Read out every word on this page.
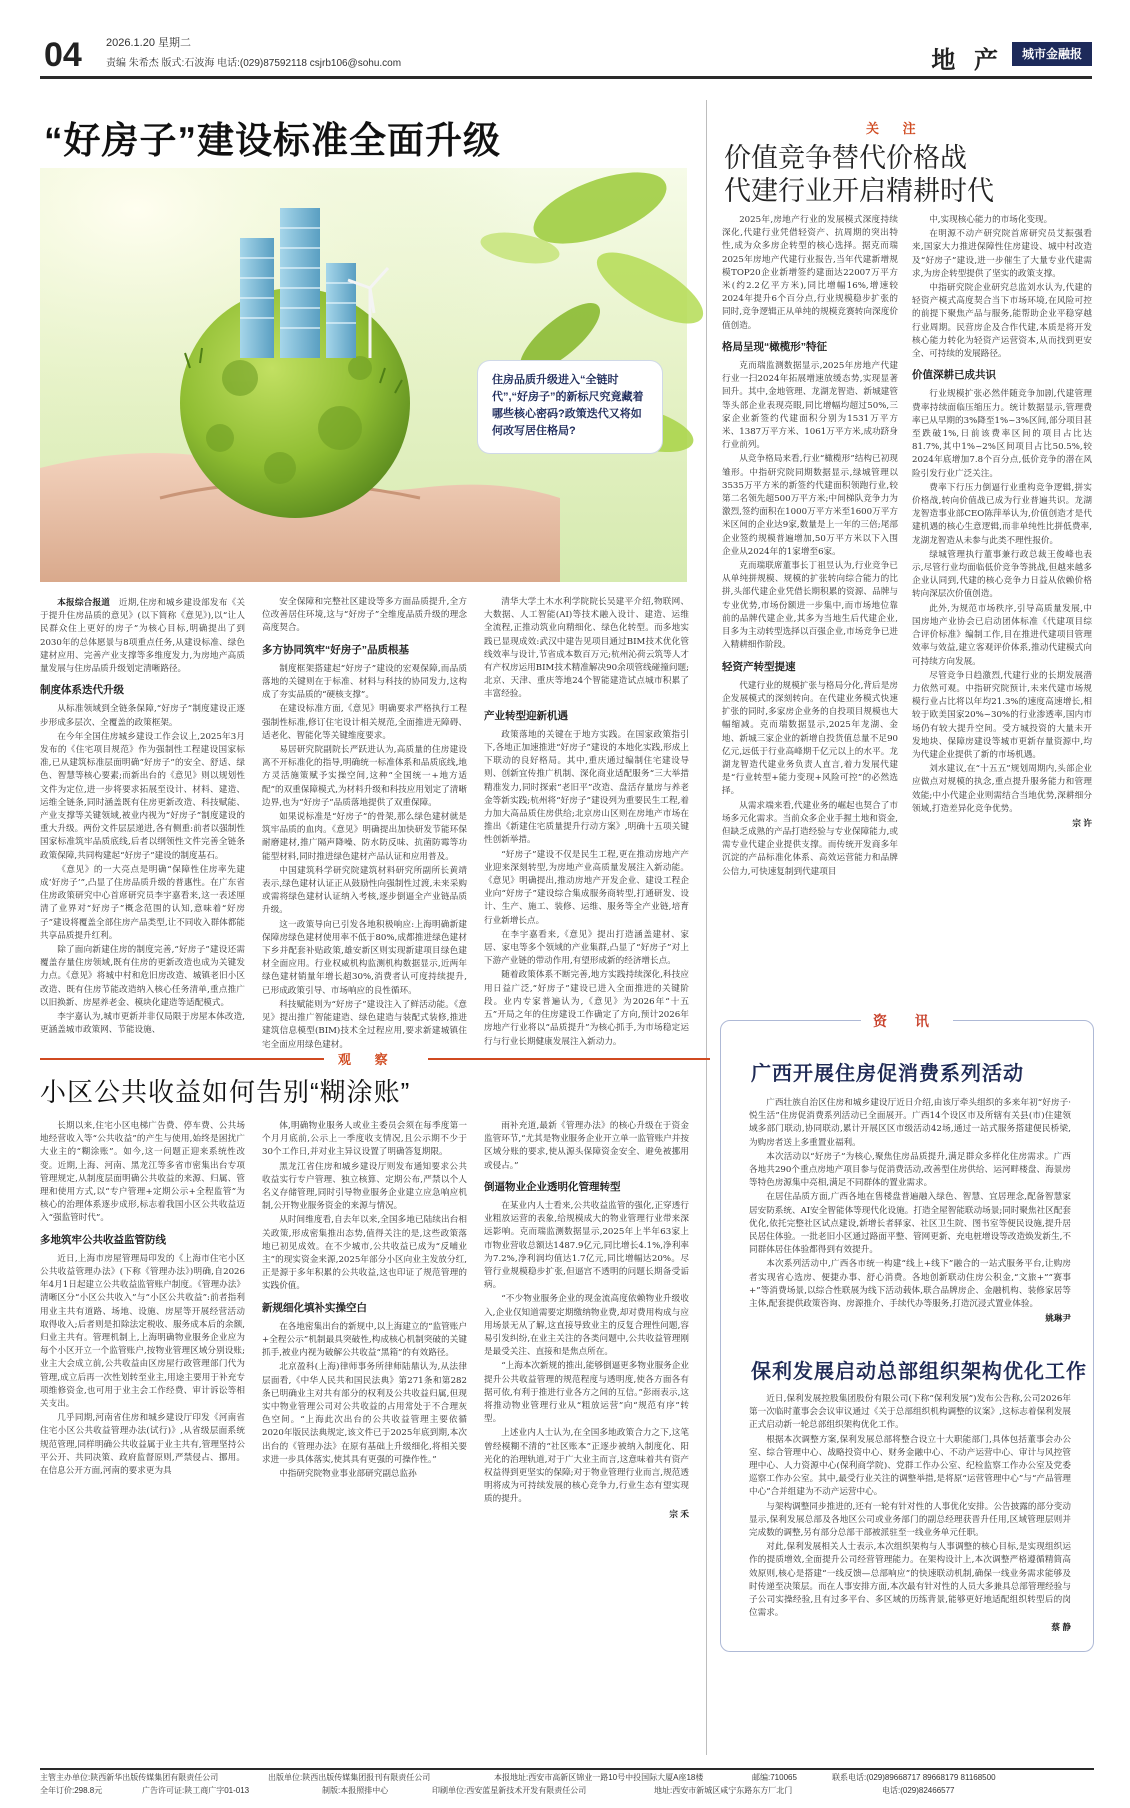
04 2026.1.20 星期二
责编 朱希杰 版式:石波海 电话:(029)87592118 csjrb106@sohu.com	地 产	城市金融报
“好房子”建设标准全面升级
住房品质升级进入“全链时代”,“好房子”的新标尺究竟藏着哪些核心密码?政策迭代又将如何改写居住格局?

本报综合报道　近期,住房和城乡建设部发布《关于提升住房品质的意见》(以下简称《意见》),以“让人民群众住上更好的房子”为核心目标,明确提出了到2030年的总体愿景与8项重点任务,从建设标准、绿色建材应用、完善产业支撑等多维度发力,为房地产高质量发展与住房品质升级划定清晰路径。

制度体系迭代升级

从标准领域到全链条保障,“好房子”制度建设正逐步形成多层次、全覆盖的政策框架。

在今年全国住房城乡建设工作会议上,2025年3月发布的《住宅项目规范》作为强制性工程建设国家标准,已从建筑标准层面明确“好房子”的安全、舒适、绿色、智慧等核心要素;而新出台的《意见》则以规划性文件为定位,进一步将要求拓展至设计、材料、建造、运维全链条,同时涵盖既有住房更新改造、科技赋能、产业支撑等关键领域,被业内视为“好房子”制度建设的重大升级。两份文件层层递进,各有侧重:前者以强制性国家标准筑牢品质底线,后者以纲领性文件完善全链条政策保障,共同构建起“好房子”建设的制度基石。

《意见》的一大亮点是明确“保障性住房率先建成‘好房子’”,凸显了住房品质升级的普惠性。在广东省住房政策研究中心首席研究员李宇嘉看来,这一表述厘清了业界对“好房子”概念范围的认知,意味着“好房子”建设将覆盖全部住房产品类型,让不同收入群体都能共享品质提升红利。

除了面向新建住房的制度完善,“好房子”建设还需覆盖存量住房领域,既有住房的更新改造也成为关键发力点。《意见》将城中村和危旧房改造、城镇老旧小区改造、既有住房节能改造纳入核心任务清单,重点推广以旧换新、房屋养老金、模块化建造等适配模式。

李宇嘉认为,城市更新并非仅局限于房屋本体改造,更涵盖城市政策网、节能设施、

安全保障和完整社区建设等多方面品质提升,全方位改善居住环境,这与“好房子”全维度品质升级的理念高度契合。

多方协同筑牢“好房子”品质根基

制度框架搭建起“好房子”建设的宏观保障,而品质落地的关键则在于标准、材料与科技的协同发力,这构成了夯实品质的“硬核支撑”。

在建设标准方面,《意见》明确要求严格执行工程强制性标准,修订住宅设计相关规范,全面推进无障碍、适老化、智能化等关键维度要求。

易居研究院副院长严跃进认为,高质量的住房建设离不开标准化的指导,明确统一标准体系和品质底线,地方灵活施策赋予实操空间,这种“全国统一+地方适配”的双重保障模式,为材料升级和科技应用划定了清晰边界,也为“好房子”品质落地提供了双重保障。

如果说标准是“好房子”的骨架,那么绿色建材就是筑牢品质的血肉。《意见》明确提出加快研发节能环保耐磨建材,推广隔声降噪、防水防反味、抗菌防霉等功能型材料,同时推进绿色建材产品认证和应用普及。

中国建筑科学研究院建筑材料研究所副所长黄靖表示,绿色建材认证正从鼓励性向强制性过渡,未来采购或需将绿色建材认证纳入考核,逐步倒逼全产业链品质升级。

这一政策导向已引发各地积极响应:上海明确新建保障房绿色建材使用率不低于80%,成都推进绿色建材下乡并配套补贴政策,雄安新区则实现新建项目绿色建材全面应用。行业权威机构监测机构数据显示,近两年绿色建材销量年增长超30%,消费者认可度持续提升,已形成政策引导、市场响应的良性循环。

科技赋能则为“好房子”建设注入了鲜活动能。《意见》提出推广智能建造、绿色建造与装配式装修,推进建筑信息模型(BIM)技术全过程应用,要求新建城镇住宅全面应用绿色建材。

清华大学土木水利学院院长吴建平介绍,物联网、大数据、人工智能(AI)等技术融入设计、建造、运维全流程,正推动筑业向精细化、绿色化转型。而多地实践已显现成效:武汉中建告见项目通过BIM技术优化管线效率与设计,节省成本数百万元;杭州沁荷云筑等人才有产权房运用BIM技术精准解决90余项管线碰撞问题;北京、天津、重庆等地24个智能建造试点城市积累了丰富经验。

产业转型迎新机遇

政策落地的关键在于地方实践。在国家政策指引下,各地正加速推进“好房子”建设的本地化实践,形成上下联动的良好格局。其中,重庆通过编制住宅建设导则、创新宜传推广机制、深化商业适配服务“三大举措精准发力,同时探索“老旧平”改造、盘活存量房与养老金等新实践;杭州将“好房子”建设列为重要民生工程,着力加大高品质住房供给;北京房山区则在房地产市场在推出《新建住宅质量提升行动方案》,明确十五项关键性创新举措。

“好房子”建设不仅是民生工程,更在推动房地产产业迎来深刻转型,为房地产业高质量发展注入新动能。《意见》明确提出,推动房地产开发企业、建设工程企业向“好房子”建设综合集成服务商转型,打通研发、设计、生产、施工、装修、运维、服务等全产业链,培育行业新增长点。

在李宇嘉看来,《意见》提出打造涵盖建材、家居、家电等多个领域的产业集群,凸显了“好房子”对上下游产业链的带动作用,有望形成新的经济增长点。

随着政策体系不断完善,地方实践持续深化,科技应用日益广泛,“好房子”建设已进入全面推进的关键阶段。业内专家普遍认为,《意见》为2026年“十五五”开局之年的住房建设工作确定了方向,预计2026年房地产行业将以“品质提升”为核心抓手,为市场稳定运行与行业长期健康发展注入新动力。

关 注
价值竞争替代价格战
代建行业开启精耕时代

2025年,房地产行业的发展模式深度持续深化,代建行业凭借轻资产、抗周期的突出特性,成为众多房企转型的核心选择。据克而瑞2025年房地产代建行业报告,当年代建新增规模TOP20企业新增签约建面达22007万平方米(约2.2亿平方米),同比增幅16%,增速较2024年提升6个百分点,行业规模稳步扩张的同时,竞争逻辑正从单纯的规模竞赛转向深度价值创造。

格局呈现“橄榄形”特征

克而瑞监测数据显示,2025年房地产代建行业一扫2024年拓展增速放缓态势,实现显著回升。其中,金地管理、龙湖龙智造、新城建管等头部企业表现亮眼,同比增幅均超过50%,三家企业新签约代建面积分别为1531万平方米、1387万平方米、1061万平方米,成功跻身行业前列。

从竞争格局来看,行业“橄榄形”结构已初现雏形。中指研究院同期数据显示,绿城管理以3535万平方米的新签约代建面积领跑行业,较第二名领先超500万平方米;中间梯队竞争力为激烈,签约面积在1000万平方米至1600万平方米区间的企业达9家,数量是上一年的三倍;尾部企业签约规模普遍增加,50万平方米以下入围企业从2024年的1家增至6家。

克而瑞联席董事长丁祖昱认为,行业竞争已从单纯拼规模、规模的扩张转向综合能力的比拼,头部代建企业凭借长期积累的资源、品牌与专业优势,市场份额进一步集中,而市场地位靠前的品牌代建企业,其多为当地生后代建企业,目多为主动转型选择以百强企业,市场竞争已进入精耕细作阶段。

轻资产转型提速

代建行业的规模扩张与格局分化,背后是房企发展模式的深刻转向。在代建业务模式快速扩张的同时,多家房企业务的自投项目规模也大幅缩减。克而瑞数据显示,2025年龙湖、金地、新城三家企业的新增自投货值总量不足90亿元,远低于行业高峰期千亿元以上的水平。龙湖龙智造代建业务负责人直言,着力发展代建是“行业转型+能力变现+风险可控”的必然选择。

从需求端来看,代建业务的崛起也契合了市场多元化需求。当前众多企业手握土地和资金,但缺乏成熟的产品打造经验与专业保障能力,或需专业代建企业提供支撑。而传统开发商多年沉淀的产品标准化体系、高效运营能力和品牌公信力,可快速复制到代建项目

中,实现核心能力的市场化变现。

在明源不动产研究院首席研究员艾振强看来,国家大力推进保障性住房建设、城中村改造及“好房子”建设,进一步催生了大量专业代建需求,为房企转型提供了坚实的政策支撑。

中指研究院企业研究总监刘水认为,代建的轻资产模式高度契合当下市场环境,在风险可控的前提下聚焦产品与服务,能帮助企业平稳穿越行业周期。民营房企及合作代建,本质是将开发核心能力转化为轻资产运营资本,从而找到更安全、可持续的发展路径。

价值深耕已成共识

行业规模扩张必然伴随竞争加剧,代建管理费率持续面临压缩压力。统计数据显示,管理费率已从早期的3%降至1%~3%区间,部分项目甚至跌破1%,日前该费率区间的项目占比达81.7%,其中1%~2%区间项目占比50.5%,较2024年底增加7.8个百分点,低价竞争的潜在风险引发行业广泛关注。

费率下行压力倒逼行业重构竞争逻辑,拼实价格战,转向价值战已成为行业普遍共识。龙湖龙智造事业部CEO陈萍举认为,价值创造才是代建机遇的核心生意逻辑,而非单纯性比拼低费率,龙湖龙智造从未参与此类不理性报价。

绿城管理执行董事兼行政总裁王俊峰也表示,尽管行业均面临低价竞争等挑战,但越来越多企业认同到,代建的核心竞争力日益从依赖价格转向深层次价值创造。

此外,为规范市场秩序,引导高质量发展,中国房地产业协会已启动团体标准《代建项目综合评价标准》编制工作,目在推进代建项目管理效率与效益,建立客观评价体系,推动代建模式向可持续方向发展。

尽管竞争日趋激烈,代建行业的长期发展潜力依然可观。中指研究院预计,未来代建市场规模行业占比将以年均21.3%的速度高速增长,相较于欧美国家20%~30%的行业渗透率,国内市场仍有较大提升空间。受方城投资的大量未开发地块、保障房建设等城市更新存量资源中,均为代建企业提供了新的市场机遇。

刘水建议,在“十五五”规划周期内,头部企业应做点对规模的执念,重点提升服务能力和管理效能;中小代建企业则需结合当地优势,深耕细分领域,打造差异化竞争优势。

宗 许

资 讯
广西开展住房促消费系列活动

广西壮族自治区住房和城乡建设厅近日介绍,由该厅牵头组织的多来年初“好房子·悦生活”住房促消费系列活动已全面展开。广西14个设区市及所辖有关县(市)住建领域多部门联动,协同联动,累计开展区区市级活动42场,通过一站式服务搭建便民桥梁,为购房者送上多重置业福利。

本次活动以“好房子”为核心,聚焦住房品质提升,满足群众多样化住房需求。广西各地共290个重点房地产项目参与促消费活动,改善型住房供给、运河畔楼盘、海景房等特色房源集中亮相,满足不同群体的置业需求。

在居住品质方面,广西各地在售楼盘普遍融入绿色、智慧、宜居理念,配备智慧家居安防系统、AI安全智能体等现代化设施。打造全屋智能联动场景;同时聚焦社区配套优化,依托完整社区试点建设,新增长者驿家、社区卫生院、图书室等便民设施,提升居民居住体验。一批老旧小区通过路面平整、管网更新、充电桩增设等改造焕发新生,不同群体居住体验都得到有效提升。

本次系列活动中,广西各市统一构建“线上+线下”融合的一站式服务平台,让购房者实现省心选房、便捷办事、舒心消费。各地创新联动住房公积金,“文旅+”“赛事+”等消费场景,以综合性联展为线下活动载体,联合品牌房企、金融机构、装修家居等主体,配套提供政策咨询、房源推介、手续代办等服务,打造沉浸式置业体验。

姚琳尹

保利发展启动总部组织架构优化工作

近日,保利发展控股集团股份有限公司(下称“保利发展”)发布公告称,公司2026年第一次临时董事会会议审议通过《关于总部组织机构调整的议案》,这标志着保利发展正式启动新一轮总部组织架构优化工作。

根据本次调整方案,保利发展总部将整合设立十大职能部门,具体包括董事会办公室、综合管理中心、战略投资中心、财务金融中心、不动产运营中心、审计与风控管理中心、人力资源中心(保利商学院)、党群工作办公室、纪检监察工作办公室及党委巡察工作办公室。其中,最受行业关注的调整举措,是将原“运营管理中心”与“产品管理中心”合并组建为不动产运营中心。

与架构调整同步推进的,还有一轮有针对性的人事优化安排。公告披露的部分变动显示,保利发展总部及各地区公司或业务部门的副总经理获晋升任用,区域管理层则并完成数的调整,另有部分总部干部被派驻至一线业务单元任职。

对此,保利发展相关人士表示,本次组织架构与人事调整的核心目标,是实现组织运作的提质增效,全面提升公司经营管理能力。在架构设计上,本次调整严格遵循精简高效原则,核心是搭建“一线反馈—总部响应”的快速联动机制,确保一线业务需求能够及时传递至决策层。而在人事安排方面,本次最有针对性的人员大多兼具总部管理经验与子公司实操经验,且有过多平台、多区域的历练背景,能够更好地适配组织转型后的岗位需求。

蔡 静

观 察
小区公共收益如何告别“糊涂账”

长期以来,住宅小区电梯广告费、停车费、公共场地经营收入等“公共收益”的产生与使用,始终是困扰广大业主的“糊涂账”。如今,这一问题正迎来系统性改变。近期,上海、河南、黑龙江等多省市密集出台专项管理规定,从制度层面明确公共收益的来源、归属、管理和使用方式,以“专户管理+定期公示+全程监管”为核心的治理体系逐步成形,标志着我国小区公共收益迈入“强监管时代”。

多地筑牢公共收益监管防线

近日,上海市房屋管理局印发的《上海市住宅小区公共收益管理办法》(下称《管理办法》)明确,自2026年4月1日起建立公共收益监管账户制度。《管理办法》清晰区分“小区公共收入”与“小区公共收益”:前者指利用业主共有道路、场地、设施、房屋等开展经营活动取得收入;后者则是扣除法定税收、服务成本后的余额,归业主共有。管理机制上,上海明确物业服务企业应为每个小区开立一个监管账户,按物业管理区域分别设账;业主大会成立前,公共收益由区房屋行政管理部门代为管理,成立后再一次性划转至业主,用途主要用于补充专项维修资金,也可用于业主会工作经费、审计诉讼等相关支出。

几乎同期,河南省住房和城乡建设厅印发《河南省住宅小区公共收益管理办法(试行)》,从省级层面系统规范管理,同样明确公共收益属于业主共有,管理坚持公平公开、共同决策、政府监督原则,严禁侵占、挪用。在信息公开方面,河南的要求更为具

体,明确物业服务人或业主委员会须在每季度第一个月月底前,公示上一季度收支情况,且公示期不少于30个工作日,并对业主异议设置了明确答复期限。

黑龙江省住房和城乡建设厅则发布通知要求公共收益实行专户管理、独立核算、定期公布,严禁以个人名义存储管理,同时引导物业服务企业建立应急响应机制,公开物业服务资金的来源与情况。

从时间维度看,自去年以来,全国多地已陆续出台相关政策,形成密集推出态势,值得关注的是,这些政策落地已初见成效。在不少城市,公共收益已成为“反哺业主”的现实资金来源,2025年部分小区向业主发放分红,正是源于多年积累的公共收益,这也印证了规范管理的实践价值。

新规细化填补实操空白

在各地密集出台的新规中,以上海建立的“监管账户+全程公示”机制最具突破性,构成核心机制突破的关键抓手,被业内视为破解公共收益“黑箱”的有效路径。

北京盈科(上海)律师事务所律师陆鼎认为,从法律层面看,《中华人民共和国民法典》第271条和第282条已明确业主对共有部分的权利及公共收益归属,但现实中物业管理公司对公共收益的占用常处于不合理灰色空间。“上海此次出台的公共收益管理主要依循2020年版民法典规定,该文件已于2025年底到期,本次出台的《管理办法》在原有基础上升级细化,将相关要求进一步具体落实,使其具有更强的可操作性。”

中指研究院物业事业部研究副总监孙

雨补充道,最新《管理办法》的核心升级在于资金监管环节,“尤其是物业服务企业开立单一监管账户并按区域分账的要求,使从源头保障资金安全、避免被挪用或侵占。”

倒逼物业企业透明化管理转型

在某业内人士看来,公共收益监管的强化,正穿透行业粗放运营的表象,给规模成大的物业管理行业带来深远影响。克而瑞监测数据显示,2025年上半年63家上市物业营收总额达1487.9亿元,同比增长4.1%,净利率为7.2%,净利润均值达1.7亿元,同比增幅达20%。尽管行业规模稳步扩张,但逼宫不透明的问题长期备受诟病。

“不少物业服务企业的现金流高度依赖物业升级收入,企业仅知道需要定期缴纳物业费,却对费用构成与应用场景无从了解,这直接导致业主的反复合理性问题,容易引发纠纷,在业主关注的各类问题中,公共收益管理刚是最受关注、直接和是焦点所在。

“上海本次新规的推出,能够倒逼更多物业服务企业提升公共收益管理的规范程度与透明度,使各方面各有据可依,有利于推进行业各方之间的互信。”彭雨表示,这将推动物业管理行业从“粗放运营”向“规范有序”转型。

上述业内人士认为,在全国多地政策合力之下,这笔曾经模糊不清的“社区账本”正逐步被纳入制度化、阳光化的治理轨道,对于广大业主而言,这意味着共有资产权益得到更坚实的保障;对于物业管理行业而言,规范透明将成为可持续发展的核心竞争力,行业生态有望实现质的提升。

宗 禾

主管主办单位:陕西新华出版传媒集团有限责任公司	出版单位:陕西出版传媒集团报刊有限责任公司	本报地址:西安市高新区锦业一路10号中投国际大厦A座18楼	邮编:710065	联系电话:(029)89668717 89668179 81168500
全年订价:298.8元	广告许可证:陕工商广字01-013	制版:本报照排中心	印刷单位:西安蓝星新技术开发有限责任公司	地址:西安市新城区咸宁东路东方厂北门	电话:(029)82466577
